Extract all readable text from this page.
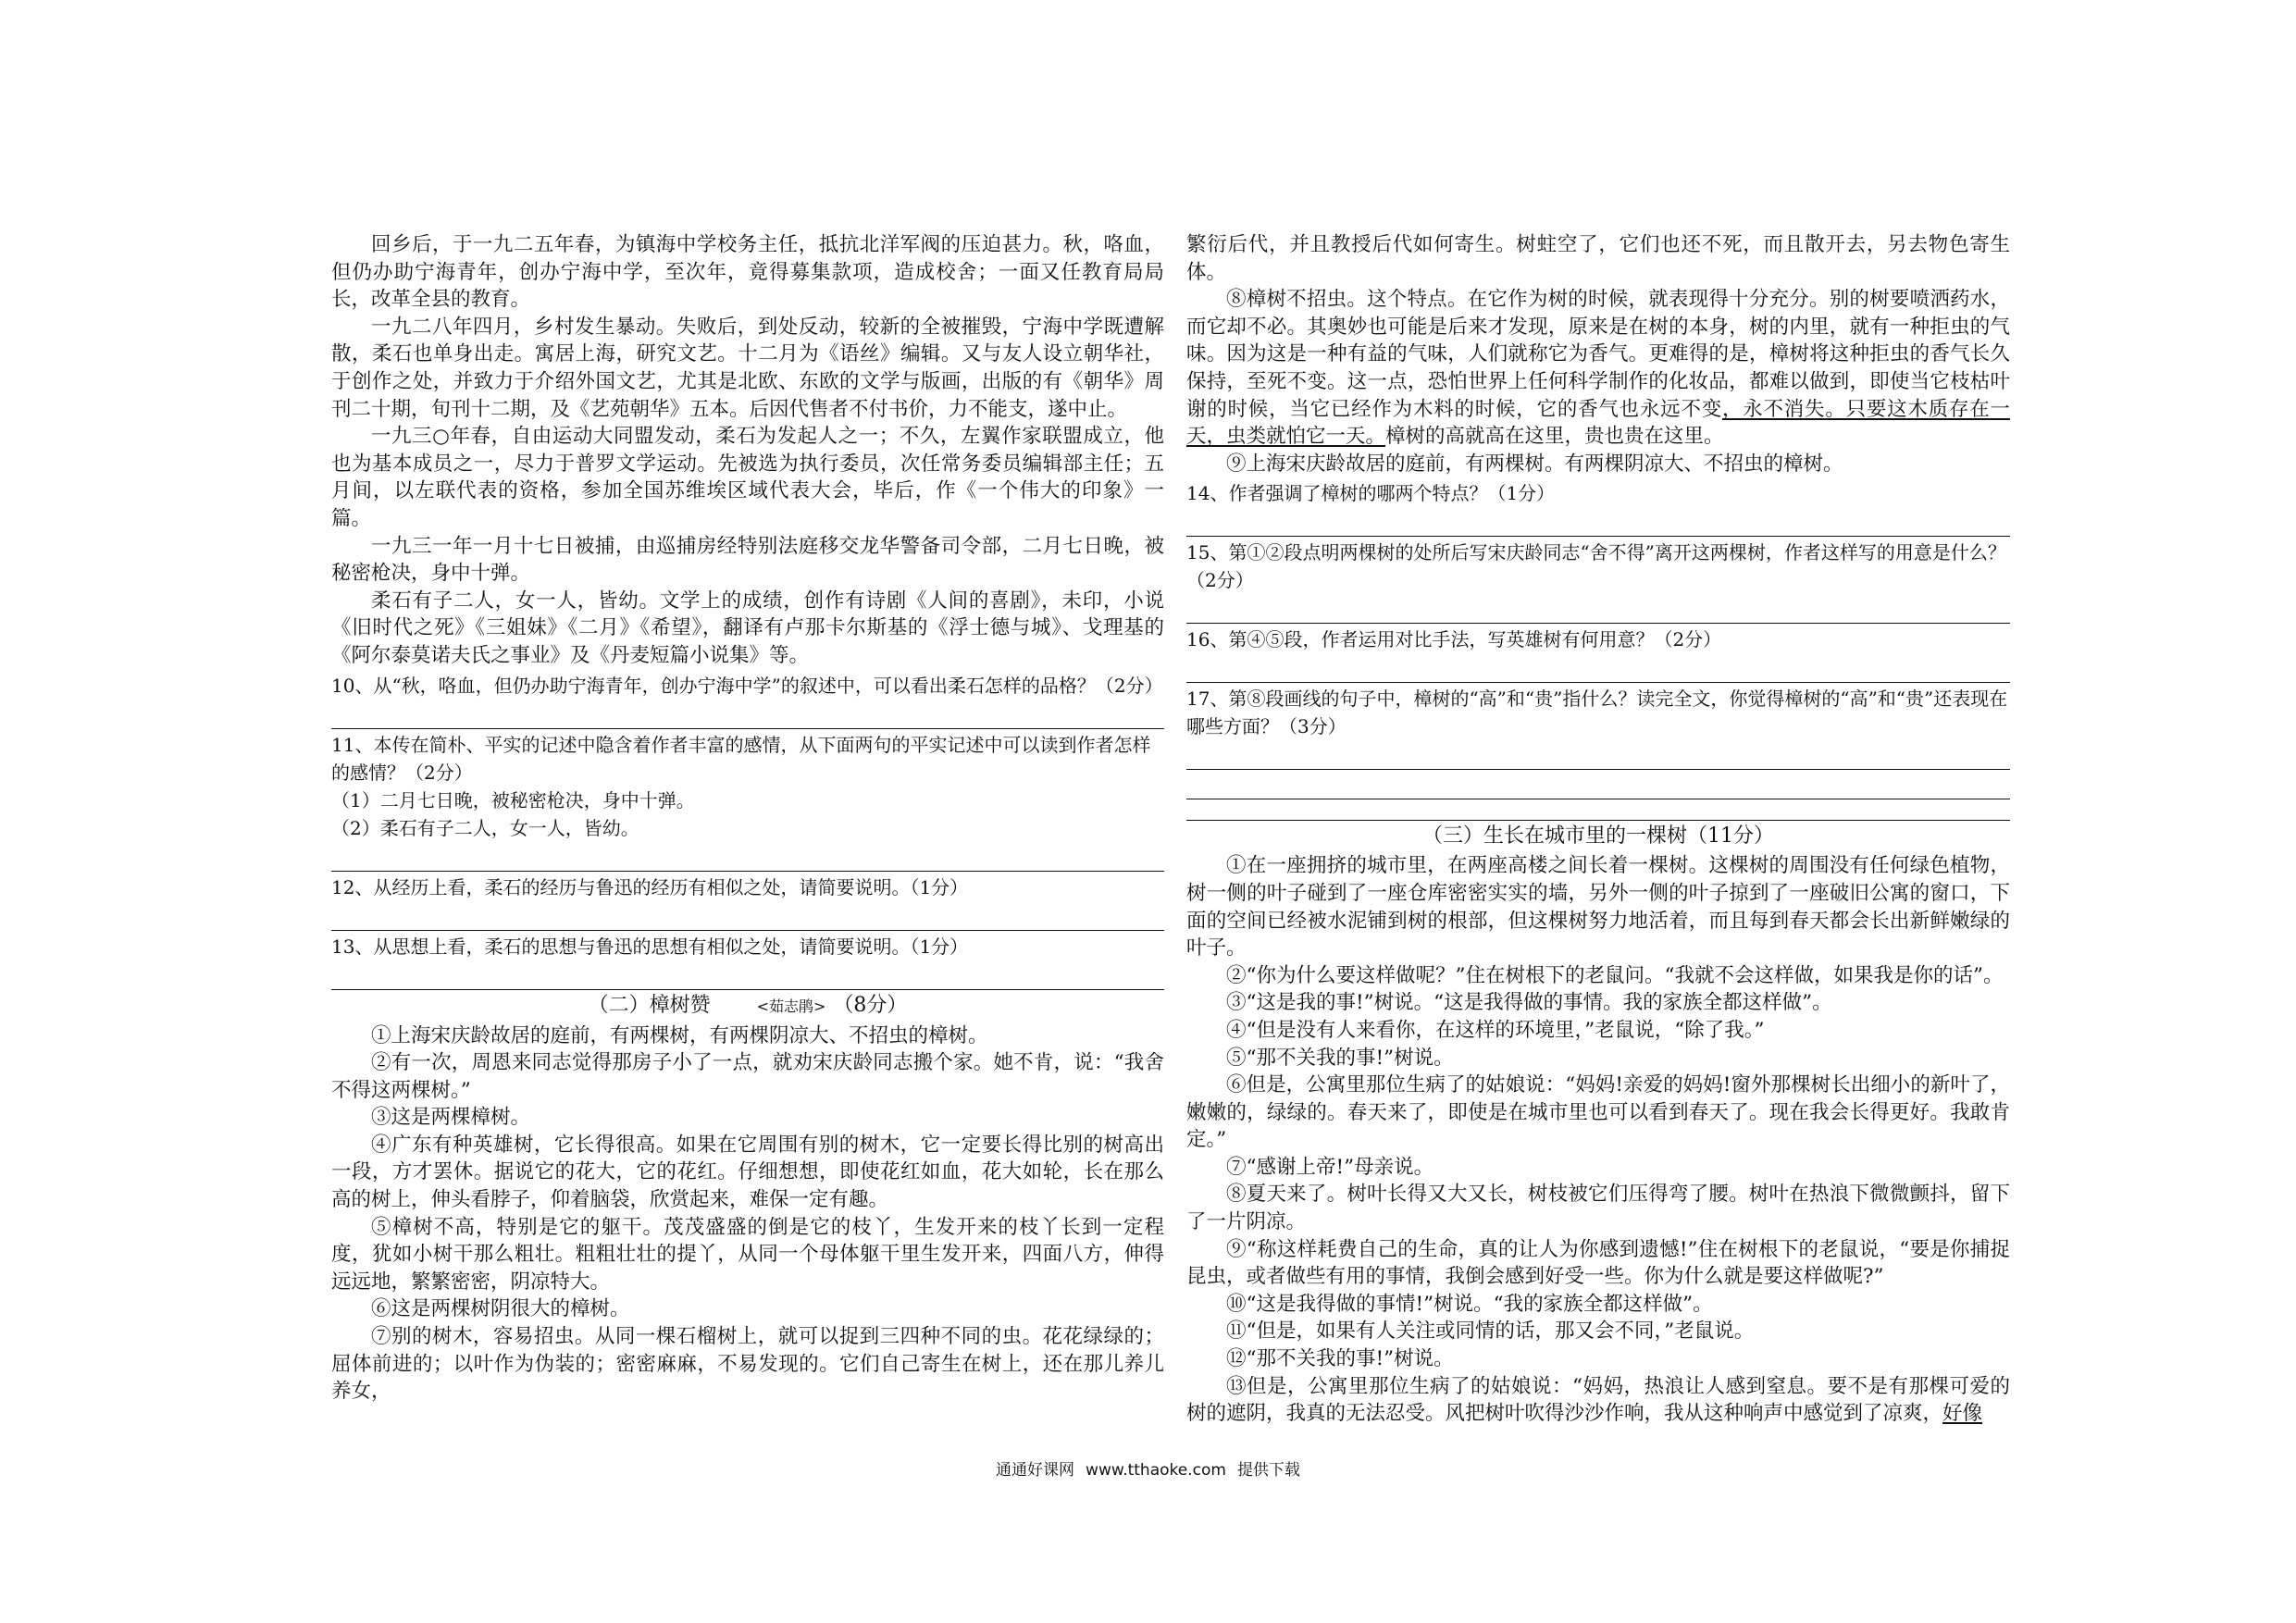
回乡后，于一九二五年春，为镇海中学校务主任，抵抗北洋军阀的压迫甚力。秋，咯血，但仍办助宁海青年，创办宁海中学，至次年，竟得募集款项，造成校舍；一面又任教育局局长，改革全县的教育。

一九二八年四月，乡村发生暴动。失败后，到处反动，较新的全被摧毁，宁海中学既遭解散，柔石也单身出走。寓居上海，研究文艺。十二月为《语丝》编辑。又与友人设立朝华社，于创作之处，并致力于介绍外国文艺，尤其是北欧、东欧的文学与版画，出版的有《朝华》周刊二十期，旬刊十二期，及《艺苑朝华》五本。后因代售者不付书价，力不能支，遂中止。

一九三○年春，自由运动大同盟发动，柔石为发起人之一；不久，左翼作家联盟成立，他也为基本成员之一，尽力于普罗文学运动。先被选为执行委员，次任常务委员编辑部主任；五月间，以左联代表的资格，参加全国苏维埃区域代表大会，毕后，作《一个伟大的印象》一篇。

一九三一年一月十七日被捕，由巡捕房经特别法庭移交龙华警备司令部，二月七日晚，被秘密枪决，身中十弹。

柔石有子二人，女一人，皆幼。文学上的成绩，创作有诗剧《人间的喜剧》，未印，小说《旧时代之死》《三姐妹》《二月》《希望》，翻译有卢那卡尔斯基的《浮士德与城》、戈理基的《阿尔泰莫诺夫氏之事业》及《丹麦短篇小说集》等。

10、从“秋，咯血，但仍办助宁海青年，创办宁海中学”的叙述中，可以看出柔石怎样的品格？（2分）

11、本传在简朴、平实的记述中隐含着作者丰富的感情，从下面两句的平实记述中可以读到作者怎样的感情？（2分）

（1）二月七日晚，被秘密枪决，身中十弹。

（2）柔石有子二人，女一人，皆幼。

12、从经历上看，柔石的经历与鲁迅的经历有相似之处，请简要说明。（1分）

13、从思想上看，柔石的思想与鲁迅的思想有相似之处，请简要说明。（1分）

（二）樟树赞	<茹志鹃> （8分）

①上海宋庆龄故居的庭前，有两棵树，有两棵阴凉大、不招虫的樟树。

②有一次，周恩来同志觉得那房子小了一点，就劝宋庆龄同志搬个家。她不肯，说：“我舍不得这两棵树。”

③这是两棵樟树。

④广东有种英雄树，它长得很高。如果在它周围有别的树木，它一定要长得比别的树高出一段，方才罢休。据说它的花大，它的花红。仔细想想，即使花红如血，花大如轮，长在那么高的树上，伸头看脖子，仰着脑袋，欣赏起来，难保一定有趣。

⑤樟树不高，特别是它的躯干。茂茂盛盛的倒是它的枝丫，生发开来的枝丫长到一定程度，犹如小树干那么粗壮。粗粗壮壮的提丫，从同一个母体躯干里生发开来，四面八方，伸得远远地，繁繁密密，阴凉特大。

⑥这是两棵树阴很大的樟树。

⑦别的树木，容易招虫。从同一棵石榴树上，就可以捉到三四种不同的虫。花花绿绿的；屈体前进的；以叶作为伪装的；密密麻麻，不易发现的。它们自己寄生在树上，还在那儿养儿养女，

繁衍后代，并且教授后代如何寄生。树蛀空了，它们也还不死，而且散开去，另去物色寄生体。

⑧樟树不招虫。这个特点。在它作为树的时候，就表现得十分充分。别的树要喷洒药水，而它却不必。其奥妙也可能是后来才发现，原来是在树的本身，树的内里，就有一种拒虫的气味。因为这是一种有益的气味，人们就称它为香气。更难得的是，樟树将这种拒虫的香气长久保持，至死不变。这一点，恐怕世界上任何科学制作的化妆品，都难以做到，即使当它枝枯叶谢的时候，当它已经作为木料的时候，它的香气也永远不变，永不消失。只要这木质存在一天，虫类就怕它一天。樟树的高就高在这里，贵也贵在这里。

⑨上海宋庆龄故居的庭前，有两棵树。有两棵阴凉大、不招虫的樟树。

14、作者强调了樟树的哪两个特点？（1分）

15、第①②段点明两棵树的处所后写宋庆龄同志“舍不得”离开这两棵树，作者这样写的用意是什么？（2分）

16、第④⑤段，作者运用对比手法，写英雄树有何用意？（2分）

17、第⑧段画线的句子中，樟树的“高”和“贵”指什么？读完全文，你觉得樟树的“高”和“贵”还表现在哪些方面？（3分）

（三）生长在城市里的一棵树（11分）

①在一座拥挤的城市里，在两座高楼之间长着一棵树。这棵树的周围没有任何绿色植物，树一侧的叶子碰到了一座仓库密密实实的墙，另外一侧的叶子掠到了一座破旧公寓的窗口，下面的空间已经被水泥铺到树的根部，但这棵树努力地活着，而且每到春天都会长出新鲜嫩绿的叶子。

②“你为什么要这样做呢？”住在树根下的老鼠问。“我就不会这样做，如果我是你的话”。

③“这是我的事!”树说。“这是我得做的事情。我的家族全都这样做”。

④“但是没有人来看你，在这样的环境里，”老鼠说，“除了我。”

⑤“那不关我的事!”树说。

⑥但是，公寓里那位生病了的姑娘说：“妈妈!亲爱的妈妈!窗外那棵树长出细小的新叶了，嫩嫩的，绿绿的。春天来了，即使是在城市里也可以看到春天了。现在我会长得更好。我敢肯定。”

⑦“感谢上帝!”母亲说。

⑧夏天来了。树叶长得又大又长，树枝被它们压得弯了腰。树叶在热浪下微微颤抖，留下了一片阴凉。

⑨“称这样耗费自己的生命，真的让人为你感到遗憾!”住在树根下的老鼠说，“要是你捕捉昆虫，或者做些有用的事情，我倒会感到好受一些。你为什么就是要这样做呢?”

⑩“这是我得做的事情!”树说。“我的家族全都这样做”。

⑪“但是，如果有人关注或同情的话，那又会不同，”老鼠说。

⑫“那不关我的事!”树说。

⑬但是，公寓里那位生病了的姑娘说：“妈妈，热浪让人感到窒息。要不是有那棵可爱的树的遮阴，我真的无法忍受。风把树叶吹得沙沙作响，我从这种响声中感觉到了凉爽，好像

通通好课网 www.tthaoke.com 提供下载
